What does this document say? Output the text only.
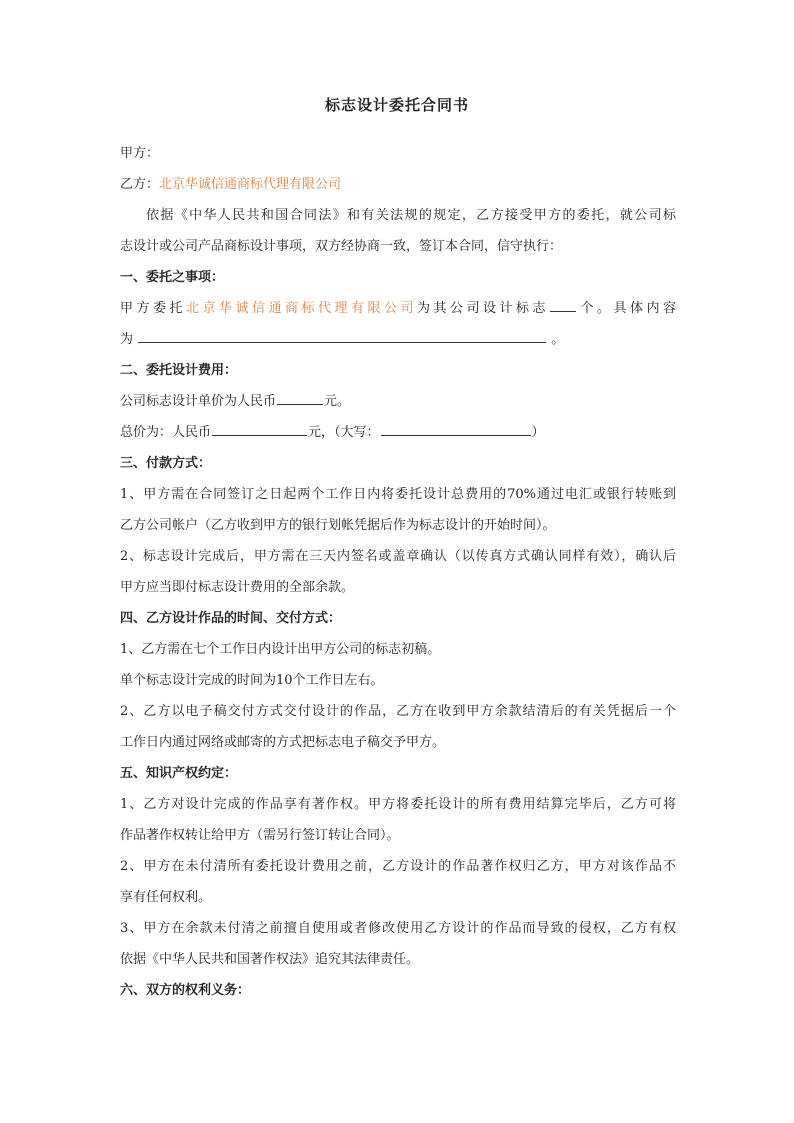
标志设计委托合同书
甲方：
乙方：北京华诚信通商标代理有限公司
依据《中华人民共和国合同法》和有关法规的规定，乙方接受甲方的委托，就公司标
志设计或公司产品商标设计事项，双方经协商一致，签订本合同，信守执行：
一、委托之事项：
甲方委托北京华诚信通商标代理有限公司为其公司设计标志 个。具体内容
为	。
二、委托设计费用：
公司标志设计单价为人民币	元。
总价为：人民币	元，（大写：	）
三、付款方式：
1、甲方需在合同签订之日起两个工作日内将委托设计总费用的70%通过电汇或银行转账到
乙方公司帐户（乙方收到甲方的银行划帐凭据后作为标志设计的开始时间）。
2、标志设计完成后，甲方需在三天内签名或盖章确认（以传真方式确认同样有效），确认后
甲方应当即付标志设计费用的全部余款。
四、乙方设计作品的时间、交付方式：
1、乙方需在七个工作日内设计出甲方公司的标志初稿。
单个标志设计完成的时间为10个工作日左右。
2、乙方以电子稿交付方式交付设计的作品，乙方在收到甲方余款结清后的有关凭据后一个
工作日内通过网络或邮寄的方式把标志电子稿交予甲方。
五、知识产权约定：
1、乙方对设计完成的作品享有著作权。甲方将委托设计的所有费用结算完毕后，乙方可将
作品著作权转让给甲方（需另行签订转让合同）。
2、甲方在未付清所有委托设计费用之前，乙方设计的作品著作权归乙方，甲方对该作品不
享有任何权利。
3、甲方在余款未付清之前擅自使用或者修改使用乙方设计的作品而导致的侵权，乙方有权
依据《中华人民共和国著作权法》追究其法律责任。
六、双方的权利义务：
